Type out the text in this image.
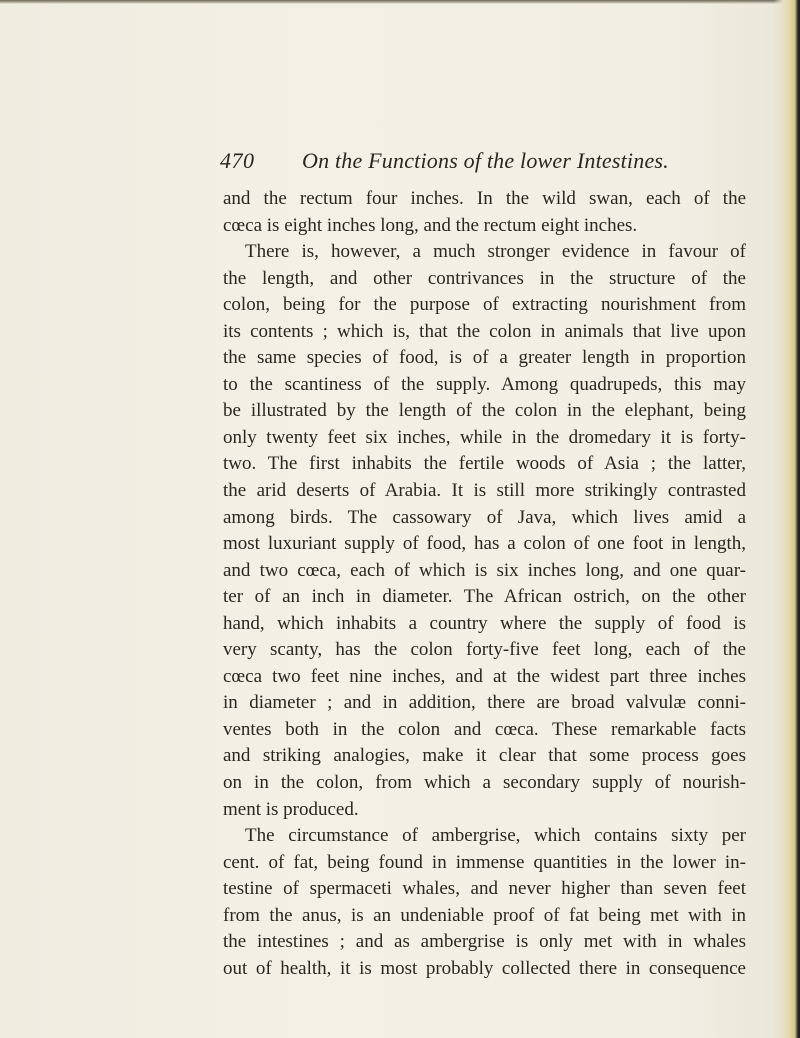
470 On the Functions of the lower Intestines.
and the rectum four inches. In the wild swan, each of the
cœca is eight inches long, and the rectum eight inches.
There is, however, a much stronger evidence in favour of
the length, and other contrivances in the structure of the
colon, being for the purpose of extracting nourishment from
its contents ; which is, that the colon in animals that live upon
the same species of food, is of a greater length in proportion
to the scantiness of the supply. Among quadrupeds, this may
be illustrated by the length of the colon in the elephant, being
only twenty feet six inches, while in the dromedary it is forty-
two. The first inhabits the fertile woods of Asia ; the latter,
the arid deserts of Arabia. It is still more strikingly contrasted
among birds. The cassowary of Java, which lives amid a
most luxuriant supply of food, has a colon of one foot in length,
and two cœca, each of which is six inches long, and one quar-
ter of an inch in diameter. The African ostrich, on the other
hand, which inhabits a country where the supply of food is
very scanty, has the colon forty-five feet long, each of the
cœca two feet nine inches, and at the widest part three inches
in diameter ; and in addition, there are broad valvulæ conni-
ventes both in the colon and cœca. These remarkable facts
and striking analogies, make it clear that some process goes
on in the colon, from which a secondary supply of nourish-
ment is produced.
The circumstance of ambergrise, which contains sixty per
cent. of fat, being found in immense quantities in the lower in-
testine of spermaceti whales, and never higher than seven feet
from the anus, is an undeniable proof of fat being met with in
the intestines ; and as ambergrise is only met with in whales
out of health, it is most probably collected there in consequence
